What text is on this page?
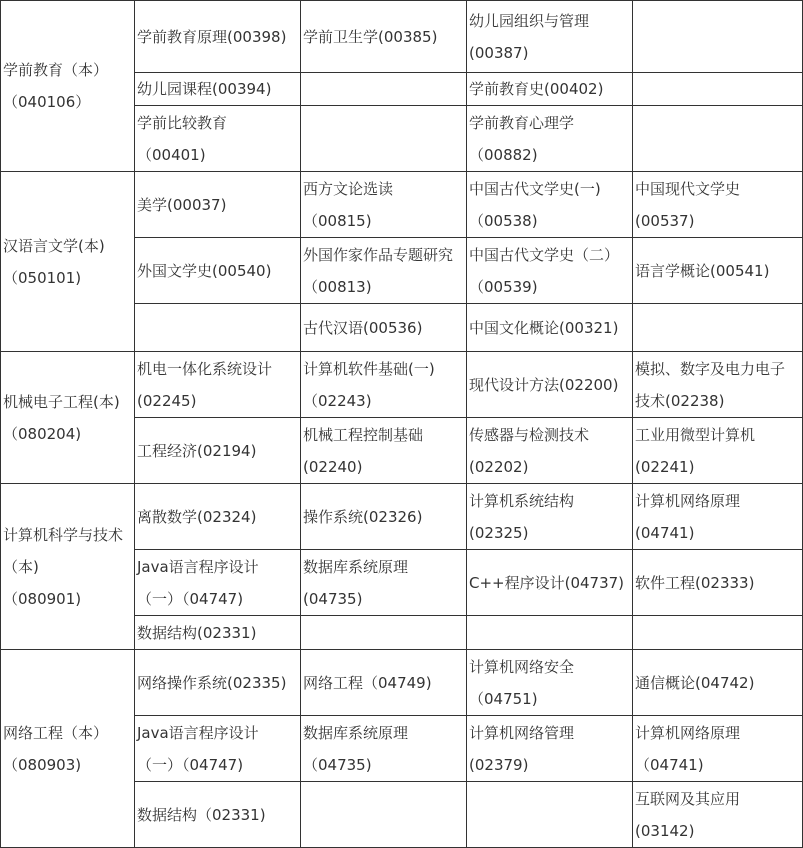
学前教育（本）
（040106）	学前教育原理(00398)	学前卫生学(00385)	幼儿园组织与管理
(00387)	

	幼儿园课程(00394)		学前教育史(00402)	

	学前比较教育
（00401)		学前教育心理学
（00882)	

汉语言文学(本)
（050101)	美学(00037)	西方文论选读
（00815)	中国古代文学史(一)
（00538)	中国现代文学史
(00537)

	外国文学史(00540)	外国作家作品专题研究
（00813)	中国古代文学史（二）
（00539)	语言学概论(00541)

		古代汉语(00536)	中国文化概论(00321)	

机械电子工程(本)
（080204)	机电一体化系统设计
(02245)	计算机软件基础(一)
（02243)	现代设计方法(02200)	模拟、数字及电力电子
技术(02238)

	工程经济(02194)	机械工程控制基础
(02240)	传感器与检测技术
(02202)	工业用微型计算机
(02241)

计算机科学与技术
（本)
（080901)	离散数学(02324)	操作系统(02326)	计算机系统结构
(02325)	计算机网络原理
(04741)

	Java语言程序设计
（一）（04747)	数据库系统原理
(04735)	C++程序设计(04737)	软件工程(02333)

	数据结构(02331)			

网络工程（本）
（080903)	网络操作系统(02335)	网络工程（04749)	计算机网络安全
（04751)	通信概论(04742)

	Java语言程序设计
（一）（04747)	数据库系统原理
（04735)	计算机网络管理
(02379)	计算机网络原理
（04741)

	数据结构（02331)			互联网及其应用
(03142)
